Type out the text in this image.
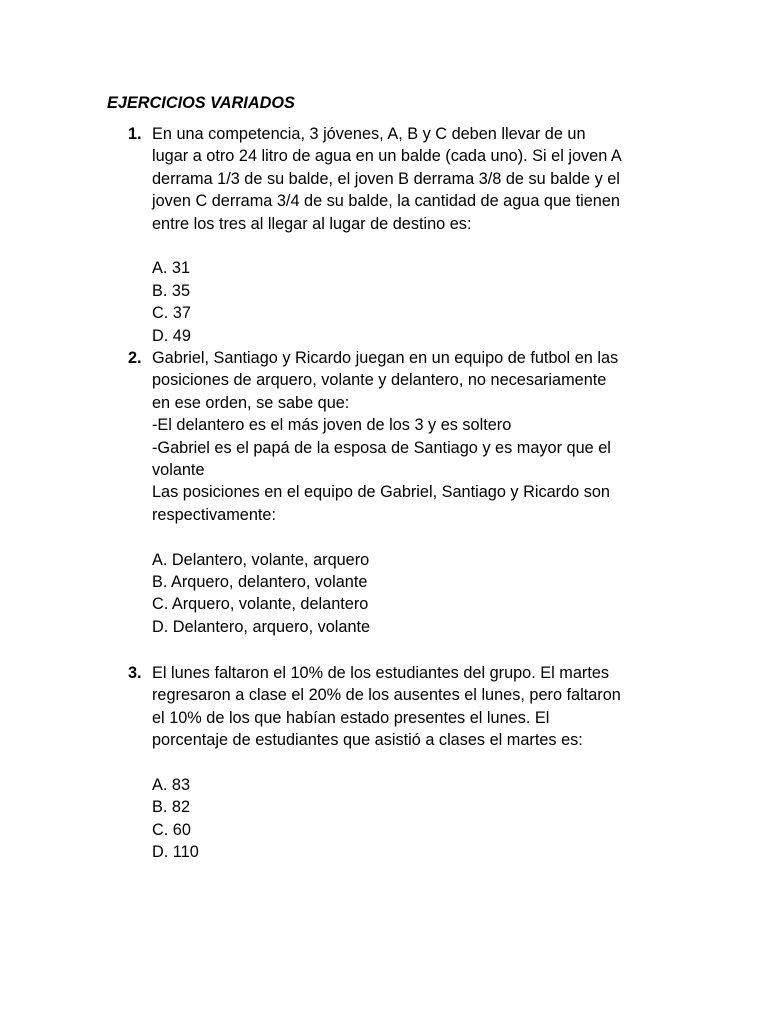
EJERCICIOS VARIADOS
1. En una competencia, 3 jóvenes, A, B y C deben llevar de un
lugar a otro 24 litro de agua en un balde (cada uno). Si el joven A
derrama 1/3 de su balde, el joven B derrama 3/8 de su balde y el
joven C derrama 3/4 de su balde, la cantidad de agua que tienen
entre los tres al llegar al lugar de destino es:
A. 31
B. 35
C. 37
D. 49
2. Gabriel, Santiago y Ricardo juegan en un equipo de futbol en las
posiciones de arquero, volante y delantero, no necesariamente
en ese orden, se sabe que:
-El delantero es el más joven de los 3 y es soltero
-Gabriel es el papá de la esposa de Santiago y es mayor que el
volante
Las posiciones en el equipo de Gabriel, Santiago y Ricardo son
respectivamente:
A. Delantero, volante, arquero
B. Arquero, delantero, volante
C. Arquero, volante, delantero
D. Delantero, arquero, volante
3. El lunes faltaron el 10% de los estudiantes del grupo. El martes
regresaron a clase el 20% de los ausentes el lunes, pero faltaron
el 10% de los que habían estado presentes el lunes. El
porcentaje de estudiantes que asistió a clases el martes es:
A. 83
B. 82
C. 60
D. 110
